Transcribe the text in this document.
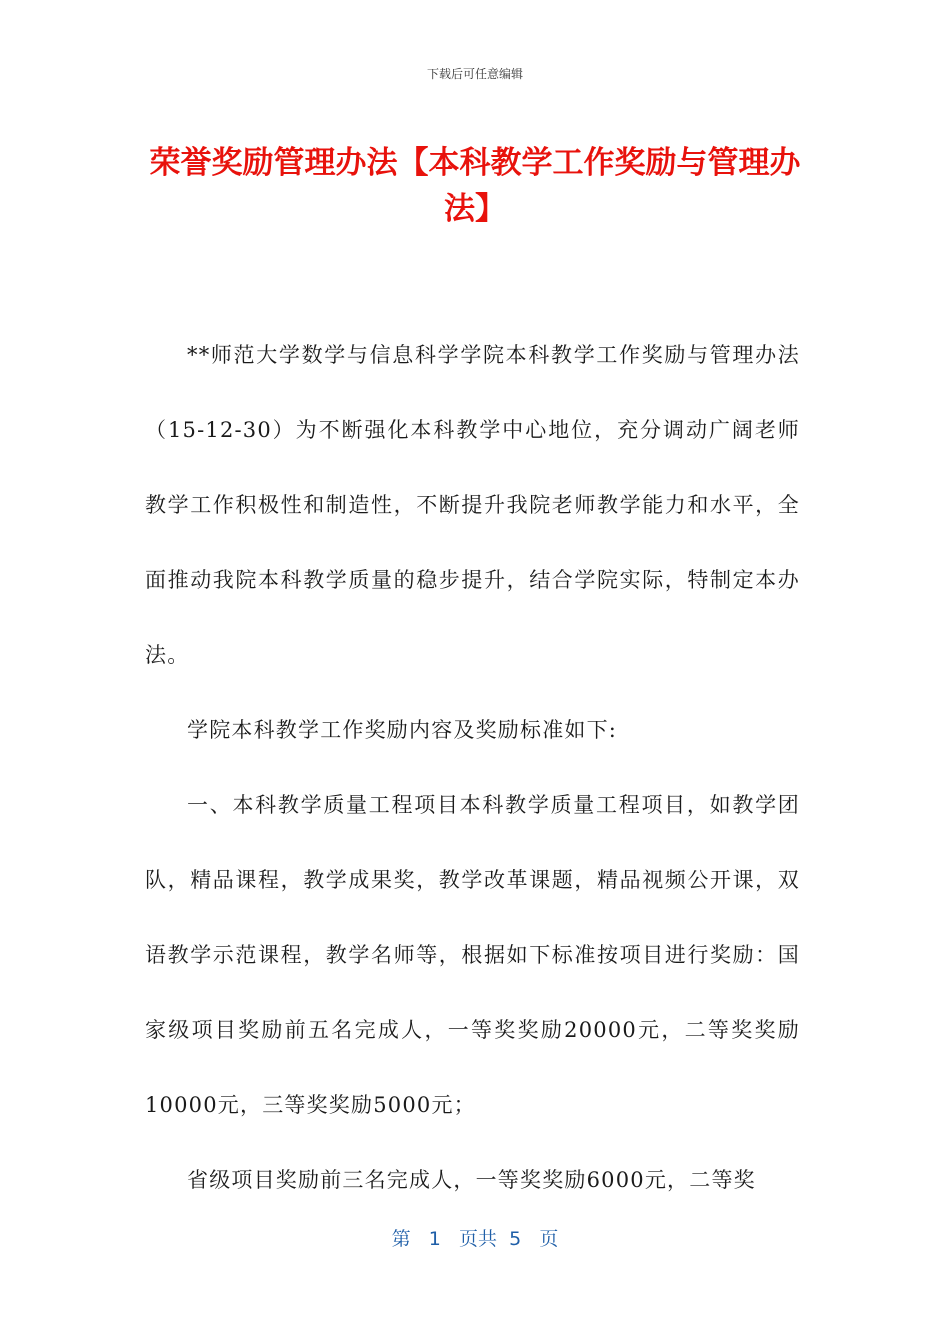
下载后可任意编辑
荣誉奖励管理办法【本科教学工作奖励与管理办法】

**师范大学数学与信息科学学院本科教学工作奖励与管理办法（15-12-30）为不断强化本科教学中心地位，充分调动广阔老师教学工作积极性和制造性，不断提升我院老师教学能力和水平，全面推动我院本科教学质量的稳步提升，结合学院实际，特制定本办法。

学院本科教学工作奖励内容及奖励标准如下:

一、本科教学质量工程项目本科教学质量工程项目，如教学团队，精品课程，教学成果奖，教学改革课题，精品视频公开课，双语教学示范课程，教学名师等，根据如下标准按项目进行奖励：国家级项目奖励前五名完成人，一等奖奖励20000元，二等奖奖励10000元，三等奖奖励5000元；

省级项目奖励前三名完成人，一等奖奖励6000元，二等奖

第 1 页共 5 页
